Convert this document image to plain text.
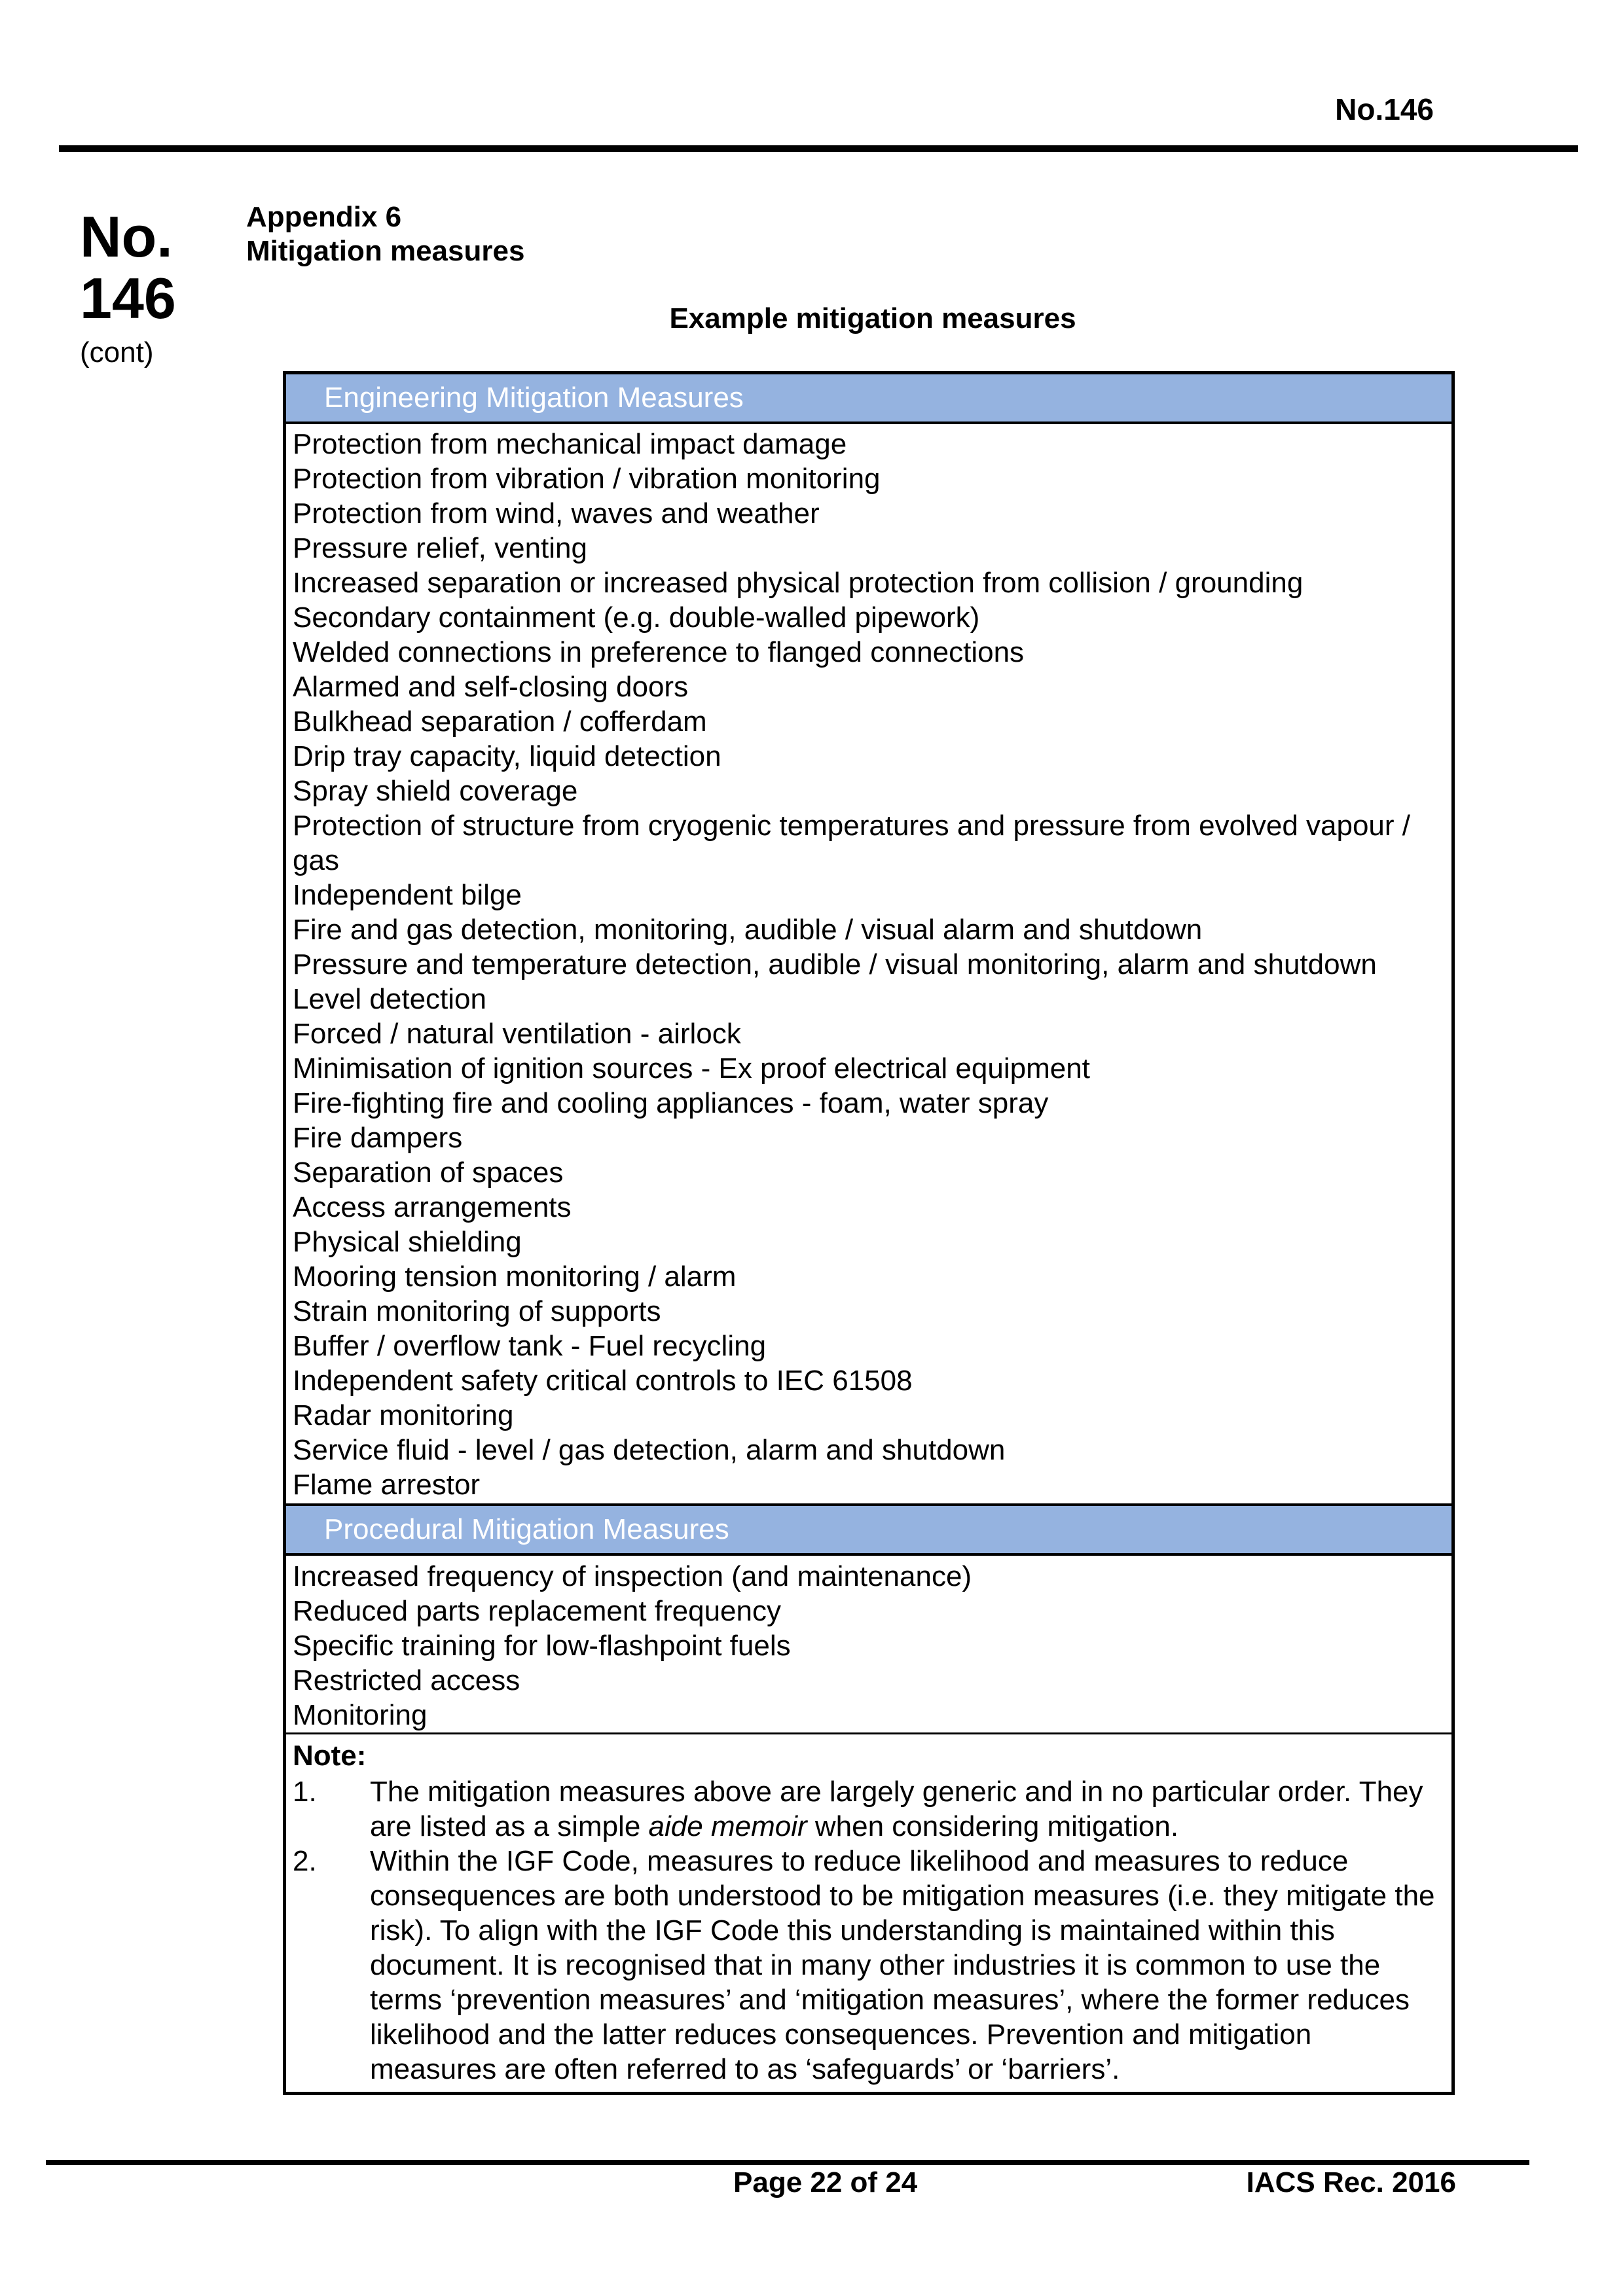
No.146
No.
146
(cont)
Appendix 6
Mitigation measures
Example mitigation measures
Engineering Mitigation Measures
Protection from mechanical impact damage
Protection from vibration / vibration monitoring
Protection from wind, waves and weather
Pressure relief, venting
Increased separation or increased physical protection from collision / grounding
Secondary containment (e.g. double-walled pipework)
Welded connections in preference to flanged connections
Alarmed and self-closing doors
Bulkhead separation / cofferdam
Drip tray capacity, liquid detection
Spray shield coverage
Protection of structure from cryogenic temperatures and pressure from evolved vapour / gas
Independent bilge
Fire and gas detection, monitoring, audible / visual alarm and shutdown
Pressure and temperature detection, audible / visual monitoring, alarm and shutdown
Level detection
Forced / natural ventilation - airlock
Minimisation of ignition sources - Ex proof electrical equipment
Fire-fighting fire and cooling appliances - foam, water spray
Fire dampers
Separation of spaces
Access arrangements
Physical shielding
Mooring tension monitoring / alarm
Strain monitoring of supports
Buffer / overflow tank - Fuel recycling
Independent safety critical controls to IEC 61508
Radar monitoring
Service fluid - level / gas detection, alarm and shutdown
Flame arrestor
Procedural Mitigation Measures
Increased frequency of inspection (and maintenance)
Reduced parts replacement frequency
Specific training for low-flashpoint fuels
Restricted access
Monitoring
Note:
1. The mitigation measures above are largely generic and in no particular order. They are listed as a simple aide memoir when considering mitigation.
2. Within the IGF Code, measures to reduce likelihood and measures to reduce consequences are both understood to be mitigation measures (i.e. they mitigate the risk). To align with the IGF Code this understanding is maintained within this document. It is recognised that in many other industries it is common to use the terms ‘prevention measures’ and ‘mitigation measures’, where the former reduces likelihood and the latter reduces consequences. Prevention and mitigation measures are often referred to as ‘safeguards’ or ‘barriers’.
Page 22 of 24	IACS Rec. 2016
